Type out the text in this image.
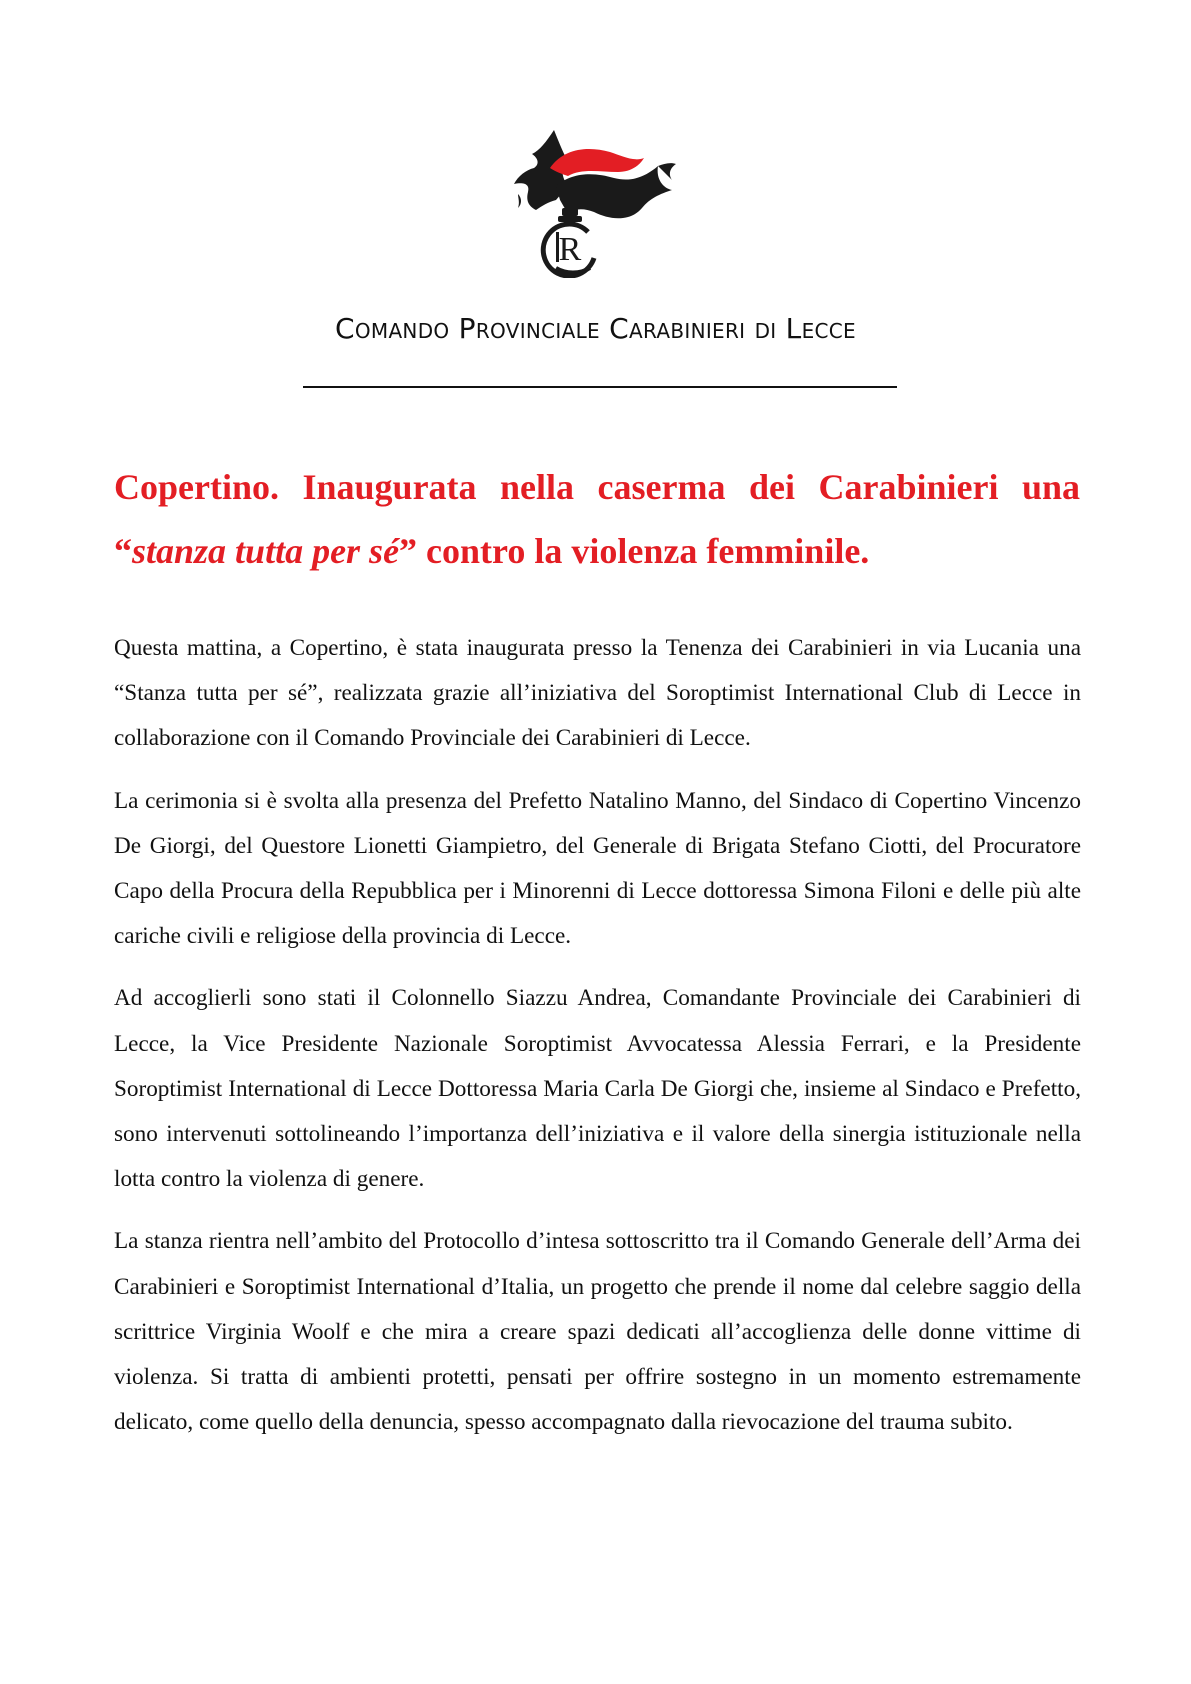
R
Comando Provinciale Carabinieri di Lecce
Copertino. Inaugurata nella caserma dei Carabinieri una “stanza tutta per sé” contro la violenza femminile.

Questa mattina, a Copertino, è stata inaugurata presso la Tenenza dei Carabinieri in via Lucania una “Stanza tutta per sé”, realizzata grazie all’iniziativa del Soroptimist International Club di Lecce in collaborazione con il Comando Provinciale dei Carabinieri di Lecce.

La cerimonia si è svolta alla presenza del Prefetto Natalino Manno, del Sindaco di Copertino Vincenzo De Giorgi, del Questore Lionetti Giampietro, del Generale di Brigata Stefano Ciotti, del Procuratore Capo della Procura della Repubblica per i Minorenni di Lecce dottoressa Simona Filoni e delle più alte cariche civili e religiose della provincia di Lecce.

Ad accoglierli sono stati il Colonnello Siazzu Andrea, Comandante Provinciale dei Carabinieri di Lecce, la Vice Presidente Nazionale Soroptimist Avvocatessa Alessia Ferrari, e la Presidente Soroptimist International di Lecce Dottoressa Maria Carla De Giorgi che, insieme al Sindaco e Prefetto, sono intervenuti sottolineando l’importanza dell’iniziativa e il valore della sinergia istituzionale nella lotta contro la violenza di genere.

La stanza rientra nell’ambito del Protocollo d’intesa sottoscritto tra il Comando Generale dell’Arma dei Carabinieri e Soroptimist International d’Italia, un progetto che prende il nome dal celebre saggio della scrittrice Virginia Woolf e che mira a creare spazi dedicati all’accoglienza delle donne vittime di violenza. Si tratta di ambienti protetti, pensati per offrire sostegno in un momento estremamente delicato, come quello della denuncia, spesso accompagnato dalla rievocazione del trauma subito.
